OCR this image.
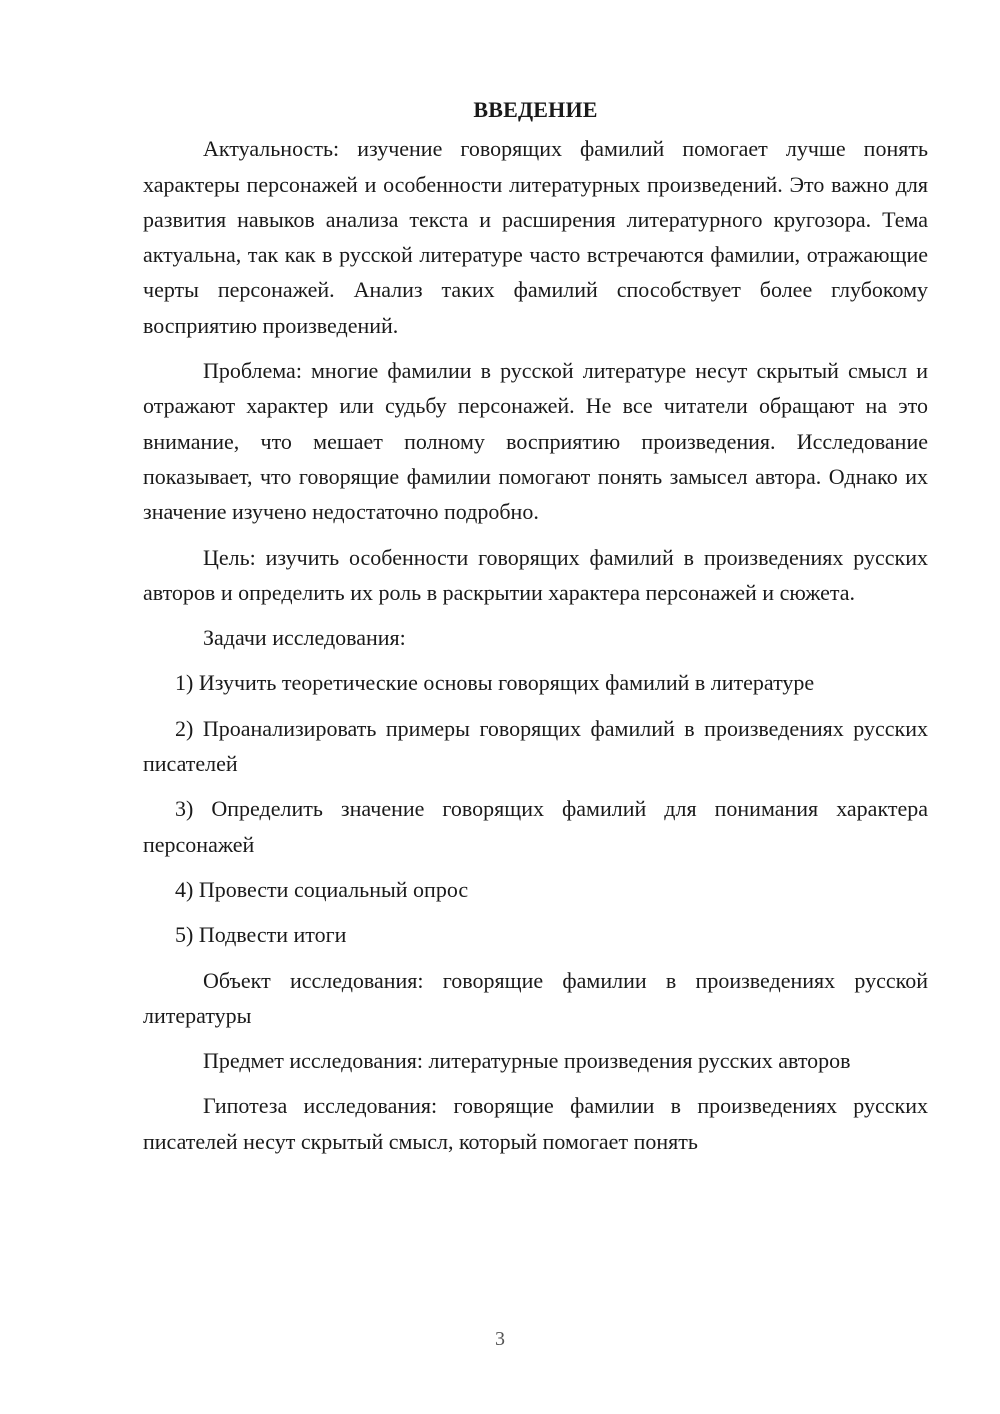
ВВЕДЕНИЕ

Актуальность: изучение говорящих фамилий помогает лучше понять характеры персонажей и особенности литературных произведений. Это важно для развития навыков анализа текста и расширения литературного кругозора. Тема актуальна, так как в русской литературе часто встречаются фамилии, отражающие черты персонажей. Анализ таких фамилий способствует более глубокому восприятию произведений.

Проблема: многие фамилии в русской литературе несут скрытый смысл и отражают характер или судьбу персонажей. Не все читатели обращают на это внимание, что мешает полному восприятию произведения. Исследование показывает, что говорящие фамилии помогают понять замысел автора. Однако их значение изучено недостаточно подробно.

Цель: изучить особенности говорящих фамилий в произведениях русских авторов и определить их роль в раскрытии характера персонажей и сюжета.

Задачи исследования:

1) Изучить теоретические основы говорящих фамилий в литературе

2) Проанализировать примеры говорящих фамилий в произведениях русских писателей

3) Определить значение говорящих фамилий для понимания характера персонажей

4) Провести социальный опрос

5) Подвести итоги

Объект исследования: говорящие фамилии в произведениях русской литературы

Предмет исследования: литературные произведения русских авторов

Гипотеза исследования: говорящие фамилии в произведениях русских писателей несут скрытый смысл, который помогает понять

3
